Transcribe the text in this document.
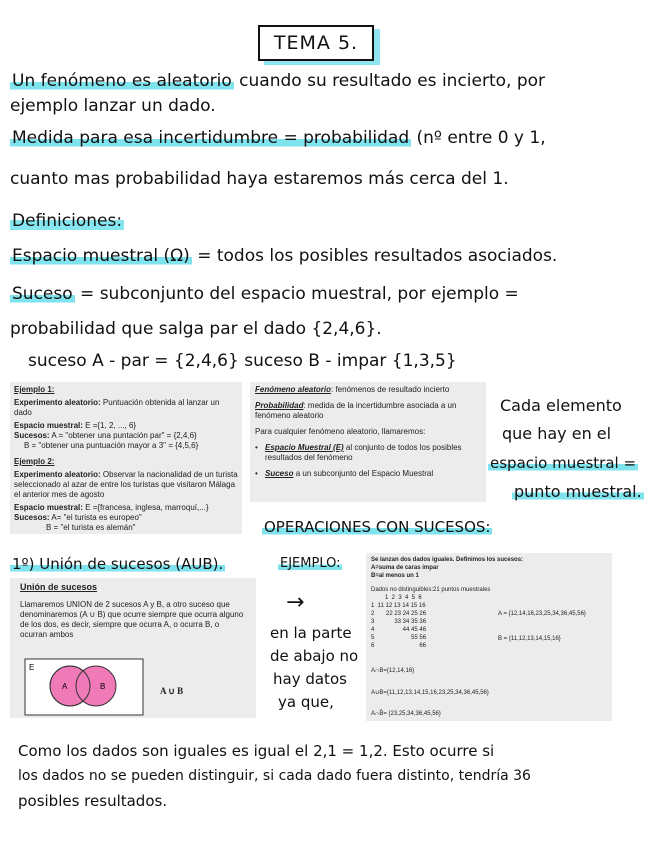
TEMA 5.
Un fenómeno es aleatorio cuando su resultado es incierto, por
ejemplo lanzar un dado.
Medida para esa incertidumbre = probabilidad (nº entre 0 y 1,
cuanto mas probabilidad haya estaremos más cerca del 1.
Definiciones:
Espacio muestral (Ω) = todos los posibles resultados asociados.
Suceso = subconjunto del espacio muestral, por ejemplo =
probabilidad que salga par el dado {2,4,6}.
suceso A - par = {2,4,6} suceso B - impar {1,3,5}
Ejemplo 1:
Experimento aleatorio: Puntuación obtenida al lanzar un dado
Espacio muestral: E ={1, 2, ..., 6}
Sucesos: A = "obtener una puntación par" = {2,4,6}
B = "obtener una puntuación mayor a 3" = {4,5,6}
Ejemplo 2:
Experimento aleatorio: Observar la nacionalidad de un turista seleccionado al azar de entre los turistas que visitaron Málaga el anterior mes de agosto
Espacio muestral: E ={francesa, inglesa, marroquí,...}
Sucesos: A= "el turista es europeo"
B = "el turista es alemán"
Fenómeno aleatorio: fenómenos de resultado incierto
Probabilidad: medida de la incertidumbre asociada a un fenómeno aleatorio
Para cualquier fenómeno aleatorio, llamaremos:
• Espacio Muestral (E) al conjunto de todos los posibles resultados del fenómeno
• Suceso a un subconjunto del Espacio Muestral
Cada elemento
que hay en el
espacio muestral =
punto muestral.
OPERACIONES CON SUCESOS:
1º) Unión de sucesos (AUB).	EJEMPLO:
Unión de sucesos
Llamaremos UNION de 2 sucesos A y B, a otro suceso que denominaremos (A ∪ B) que ocurre siempre que ocurra alguno de los dos, es decir, siempre que ocurra A, o ocurra B, o ocurran ambos
E
A	B	A ∪ B
→
en la parte
de abajo no
hay datos
ya que,
Se lanzan dos dados iguales. Definimos los sucesos:
A=suma de caras impar
B=al menos un 1
Dados no distinguibles:21 puntos muestrales
1  2  3  4  5  6
1  11 12 13 14 15 16
2       22 23 24 25 26
3            33 34 35 36
4                 44 45 46
5                      55 56
6                           66
A = {12,14,16,23,25,34,36,45,56}
B = {11,12,13,14,15,16}
A∩B={12,14,16}
A∪B={11,12,13,14,15,16,23,25,34,36,45,56}
A∩B̄= {23,25,34,36,45,56}
Como los dados son iguales es igual el 2,1 = 1,2. Esto ocurre si
los dados no se pueden distinguir, si cada dado fuera distinto, tendría 36
posibles resultados.
